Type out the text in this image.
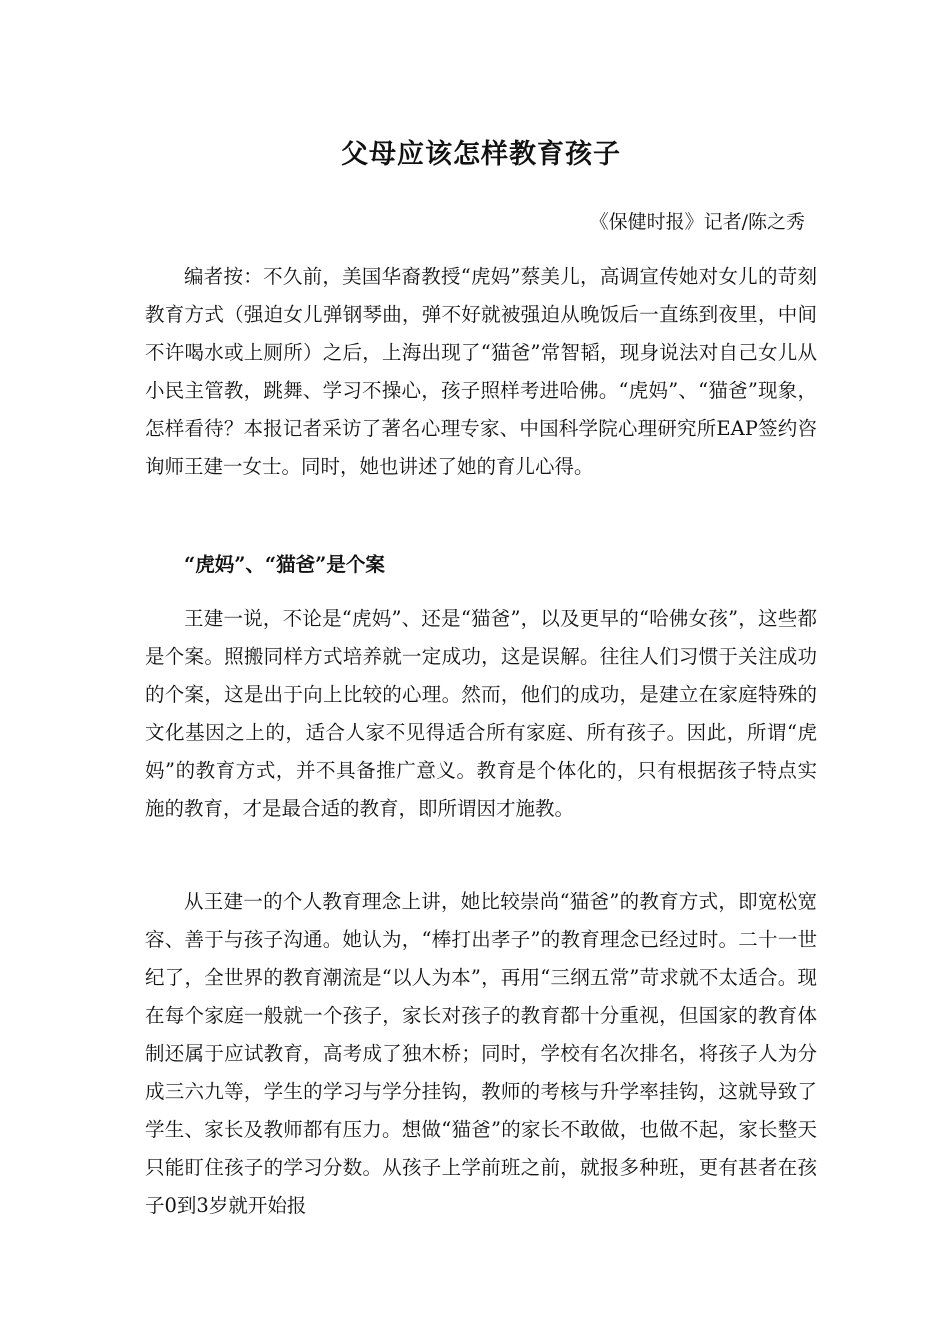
父母应该怎样教育孩子

《保健时报》记者/陈之秀

编者按：不久前，美国华裔教授“虎妈”蔡美儿，高调宣传她对女儿的苛刻教育方式（强迫女儿弹钢琴曲，弹不好就被强迫从晚饭后一直练到夜里，中间不许喝水或上厕所）之后，上海出现了“猫爸”常智韬，现身说法对自己女儿从小民主管教，跳舞、学习不操心，孩子照样考进哈佛。“虎妈”、“猫爸”现象，怎样看待？本报记者采访了著名心理专家、中国科学院心理研究所EAP签约咨询师王建一女士。同时，她也讲述了她的育儿心得。

“虎妈”、“猫爸”是个案

王建一说，不论是“虎妈”、还是“猫爸”，以及更早的“哈佛女孩”，这些都是个案。照搬同样方式培养就一定成功，这是误解。往往人们习惯于关注成功的个案，这是出于向上比较的心理。然而，他们的成功，是建立在家庭特殊的文化基因之上的，适合人家不见得适合所有家庭、所有孩子。因此，所谓“虎妈”的教育方式，并不具备推广意义。教育是个体化的，只有根据孩子特点实施的教育，才是最合适的教育，即所谓因才施教。

从王建一的个人教育理念上讲，她比较崇尚“猫爸”的教育方式，即宽松宽容、善于与孩子沟通。她认为，“棒打出孝子”的教育理念已经过时。二十一世纪了，全世界的教育潮流是“以人为本”，再用“三纲五常”苛求就不太适合。现在每个家庭一般就一个孩子，家长对孩子的教育都十分重视，但国家的教育体制还属于应试教育，高考成了独木桥；同时，学校有名次排名，将孩子人为分成三六九等，学生的学习与学分挂钩，教师的考核与升学率挂钩，这就导致了学生、家长及教师都有压力。想做“猫爸”的家长不敢做，也做不起，家长整天只能盯住孩子的学习分数。从孩子上学前班之前，就报多种班，更有甚者在孩子0到3岁就开始报
